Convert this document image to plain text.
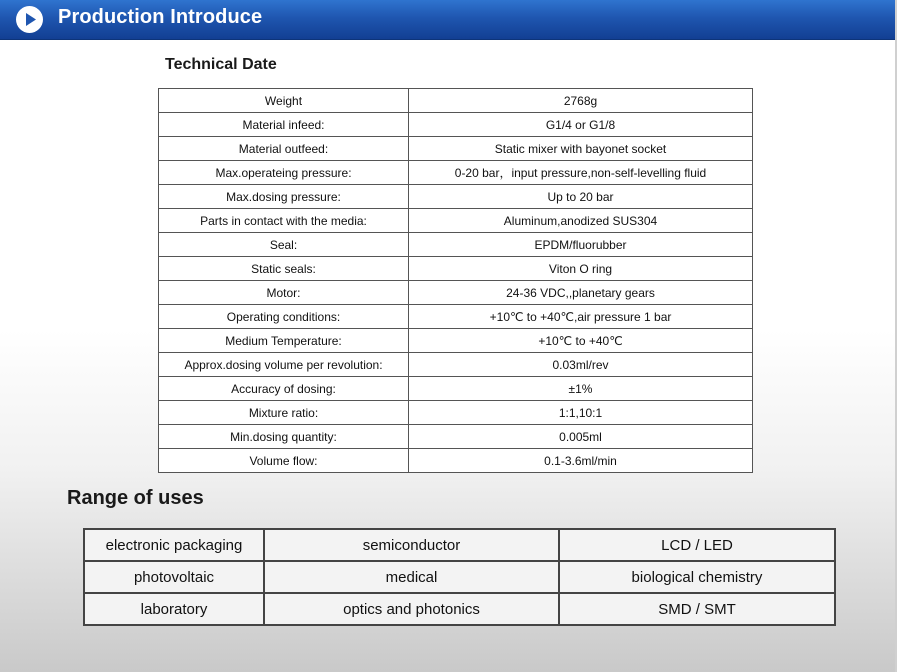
Production Introduce
Technical Date
Weight	2768g
Material infeed:	G1/4 or G1/8
Material outfeed:	Static mixer with bayonet socket
Max.operateing pressure:	0-20 bar，input pressure,non-self-levelling fluid
Max.dosing pressure:	Up to 20 bar
Parts in contact with the media:	Aluminum,anodized SUS304
Seal:	EPDM/fluorubber
Static seals:	Viton O ring
Motor:	24-36 VDC,,planetary gears
Operating conditions:	+10℃ to +40℃,air pressure 1 bar
Medium Temperature:	+10℃ to +40℃
Approx.dosing volume per revolution:	0.03ml/rev
Accuracy of dosing:	±1%
Mixture ratio:	1:1,10:1
Min.dosing quantity:	0.005ml
Volume flow:	0.1-3.6ml/min
Range of uses
electronic packaging	semiconductor	LCD / LED
photovoltaic	medical	biological chemistry
laboratory	optics and photonics	SMD / SMT
